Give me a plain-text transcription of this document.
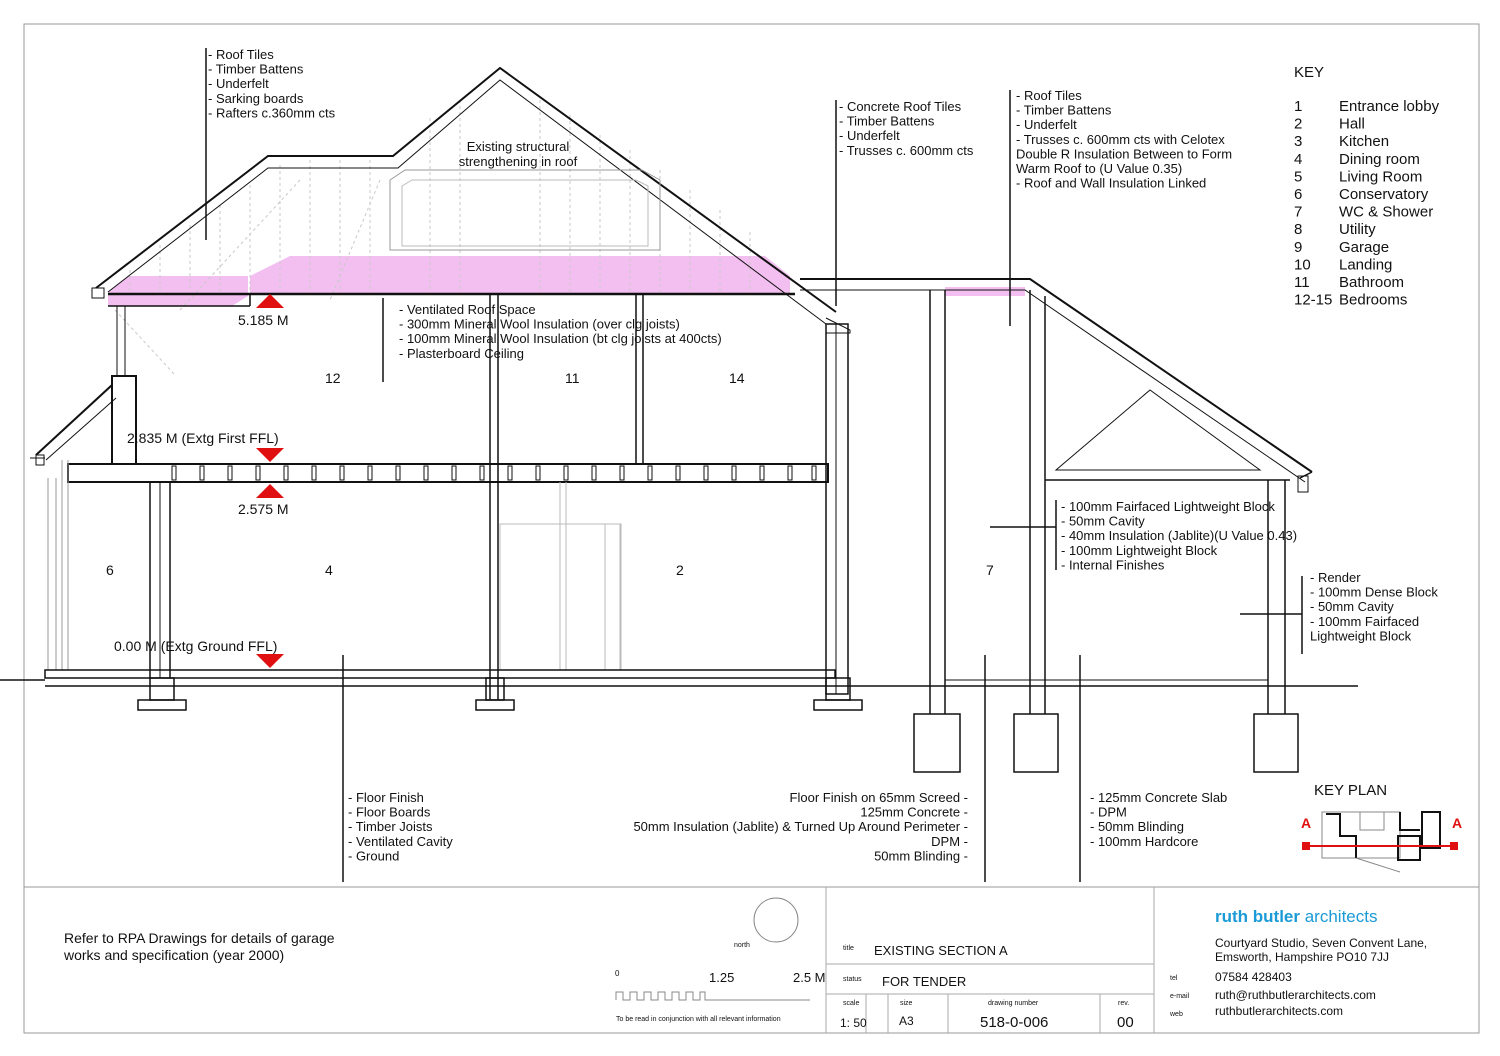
- Roof Tiles
- Timber Battens
- Underfelt
- Sarking boards
- Rafters c.360mm cts
Existing structural
strengthening in roof
- Concrete Roof Tiles
- Timber Battens
- Underfelt
- Trusses c. 600mm cts
- Roof Tiles
- Timber Battens
- Underfelt
- Trusses c. 600mm cts with Celotex
Double R Insulation Between to Form
Warm Roof to (U Value 0.35)
- Roof and Wall Insulation Linked
- Ventilated Roof Space
- 300mm Mineral Wool Insulation (over clg joists)
- 100mm Mineral Wool Insulation (bt clg joists at 400cts)
- Plasterboard Ceiling
- 100mm Fairfaced Lightweight Block
- 50mm Cavity
- 40mm Insulation (Jablite)(U Value 0.43)
- 100mm Lightweight Block
- Internal Finishes
- Render
- 100mm Dense Block
- 50mm Cavity
- 100mm Fairfaced
Lightweight Block
- Floor Finish
- Floor Boards
- Timber Joists
- Ventilated Cavity
- Ground
Floor Finish on 65mm Screed -
125mm Concrete -
50mm Insulation (Jablite) & Turned Up Around Perimeter -
DPM -
50mm Blinding -
- 125mm Concrete Slab
- DPM
- 50mm Blinding
- 100mm Hardcore
5.185 M
2.835 M (Extg First FFL)
2.575 M
0.00 M (Extg Ground FFL)
12	11	14
6	4	2	7
KEY
1 Entrance lobby
2 Hall
3 Kitchen
4 Dining room
5 Living Room
6 Conservatory
7 WC & Shower
8 Utility
9 Garage
10 Landing
11 Bathroom
12-15 Bedrooms
KEY PLAN
A	A
Refer to RPA Drawings for details of garage
works and specification (year 2000)
north
0	1.25	2.5 M
To be read in conjunction with all relevant information
title EXISTING SECTION A
status FOR TENDER
scale
1: 50
size
A3
drawing number
518-0-006
rev.
00
ruth butler architects
Courtyard Studio, Seven Convent Lane,
Emsworth, Hampshire PO10 7JJ
tel	07584 428403
e-mail ruth@ruthbutlerarchitects.com
web	ruthbutlerarchitects.com
